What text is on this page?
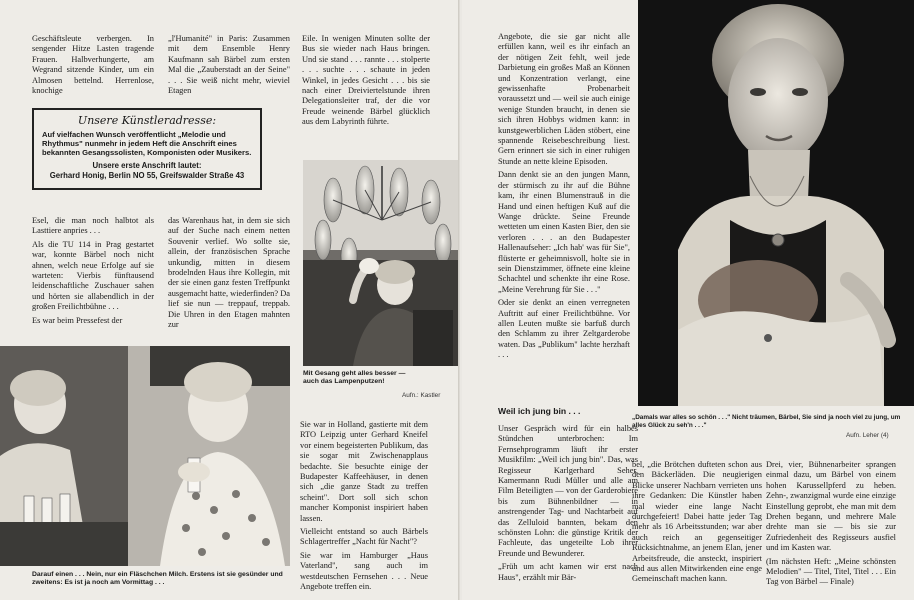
Geschäftsleute verbergen. In sengender Hitze Lasten tragende Frauen. Halbverhungerte, am Wegrand sitzende Kinder, um ein Almosen bettelnd. Herrenlose, knochige
„l'Humanité" in Paris: Zusammen mit dem Ensemble Henry Kaufmann sah Bärbel zum ersten Mal die „Zauberstadt an der Seine" . . . Sie weiß nicht mehr, wieviel Etagen
Eile. In wenigen Minuten sollte der Bus sie wieder nach Haus bringen. Und sie stand . . . rannte . . . stolperte . . . suchte . . . schaute in jeden Winkel, in jedes Gesicht . . . bis sie nach einer Dreiviertelstunde ihren Delegationsleiter traf, der die vor Freude weinende Bärbel glücklich aus dem Labyrinth führte.

Unsere Künstleradresse:

Auf vielfachen Wunsch veröffentlicht „Melodie und Rhythmus" nunmehr in jedem Heft die Anschrift eines bekannten Gesangssolisten, Komponisten oder Musikers.

Unsere erste Anschrift lautet:

Gerhard Honig, Berlin NO 55, Greifswalder Straße 43

Esel, die man noch halbtot als Lasttiere anpries . . .

Als die TU 114 in Prag gestartet war, konnte Bärbel noch nicht ahnen, welch neue Erfolge auf sie warteten: Vierbis fünftausend leidenschaftliche Zuschauer sahen und hörten sie allabendlich in der großen Freilichtbühne . . .

Es war beim Pressefest der

das Warenhaus hat, in dem sie sich auf der Suche nach einem netten Souvenir verlief. Wo sollte sie, allein, der französischen Sprache unkundig, mitten in diesem brodelnden Haus ihre Kollegin, mit der sie einen ganz festen Treffpunkt ausgemacht hatte, wiederfinden? Da lief sie nun — treppauf, treppab. Die Uhren in den Etagen mahnten zur

Mit Gesang geht alles besser — auch das Lampenputzen!

Aufn.: Kastler

Darauf einen . . . Nein, nur ein Fläschchen Milch. Erstens ist sie gesünder und zweitens: Es ist ja noch am Vormittag . . .

Sie war in Holland, gastierte mit dem RTO Leipzig unter Gerhard Kneifel vor einem begeisterten Publikum, das sie sogar mit Zwischenapplaus bedachte. Sie besuchte einige der Budapester Kaffeehäuser, in denen sich „die ganze Stadt zu treffen scheint". Dort soll sich schon mancher Komponist inspiriert haben lassen.

Vielleicht entstand so auch Bärbels Schlagertreffer „Nacht für Nacht"?

Sie war im Hamburger „Haus Vaterland", sang auch im westdeutschen Fernsehen . . . Neue Angebote treffen ein.

Angebote, die sie gar nicht alle erfüllen kann, weil es ihr einfach an der nötigen Zeit fehlt, weil jede Darbietung ein großes Maß an Können und Konzentration verlangt, eine gewissenhafte Probenarbeit voraussetzt und — weil sie auch einige wenige Stunden braucht, in denen sie sich ihren Hobbys widmen kann: in kunstgewerblichen Läden stöbert, eine spannende Reisebeschreibung liest. Gern erinnert sie sich in einer ruhigen Stunde an nette kleine Episoden.

Dann denkt sie an den jungen Mann, der stürmisch zu ihr auf die Bühne kam, ihr einen Blumenstrauß in die Hand und einen heftigen Kuß auf die Wange drückte. Seine Freunde wetteten um einen Kasten Bier, den sie verloren . . . an den Budapester Hallenaufseher: „Ich hab' was für Sie", flüsterte er geheimnisvoll, holte sie in sein Dienstzimmer, öffnete eine kleine Schachtel und schenkte ihr eine Rose. „Meine Verehrung für Sie . . ."

Oder sie denkt an einen verregneten Auftritt auf einer Freilichtbühne. Vor allen Leuten mußte sie barfuß durch den Schlamm zu ihrer Zeltgarderobe waten. Das „Publikum" lachte herzhaft . . .

„Damals war alles so schön . . ." Nicht träumen, Bärbel, Sie sind ja noch viel zu jung, um alles Glück zu seh'n . . ."

Aufn. Leher (4)

Weil ich jung bin . . .

Unser Gespräch wird für ein halbes Stündchen unterbrochen: Im Fernsehprogramm läuft ihr erster Musikfilm: „Weil ich jung bin". Das, was Regisseur Karlgerhard Seher, Kamermann Rudi Müller und alle am Film Beteiligten — von der Garderobiere bis zum Bühnenbildner — in anstrengender Tag- und Nachtarbeit auf das Zelluloid bannten, bekam den schönsten Lohn: die günstige Kritik der Fachleute, das ungeteilte Lob ihrer Freunde und Bewunderer.

„Früh um acht kamen wir erst nach Haus", erzählt mir Bär-

bel, „die Brötchen dufteten schon aus den Bäckerläden. Die neugierigen Blicke unserer Nachbarn verrieten uns ihre Gedanken: Die Künstler haben mal wieder eine lange Nacht durchgefeiert! Dabei hatte jeder Tag mehr als 16 Arbeitsstunden; war aber auch reich an gegenseitiger Rücksichtnahme, an jenem Elan, jener Arbeitsfreude, die ansteckt, inspiriert und aus allen Mitwirkenden eine enge Gemeinschaft machen kann.

Drei, vier, Bühnenarbeiter sprangen einmal dazu, um Bärbel von einem hohen Karussellpferd zu heben. Zehn-, zwanzigmal wurde eine einzige Einstellung geprobt, ehe man mit dem Drehen begann, und mehrere Male drehte man sie — bis sie zur Zufriedenheit des Regisseurs ausfiel und im Kasten war.

(Im nächsten Heft: „Meine schönsten Melodien" — Titel, Titel, Titel . . . Ein Tag von Bärbel — Finale)
